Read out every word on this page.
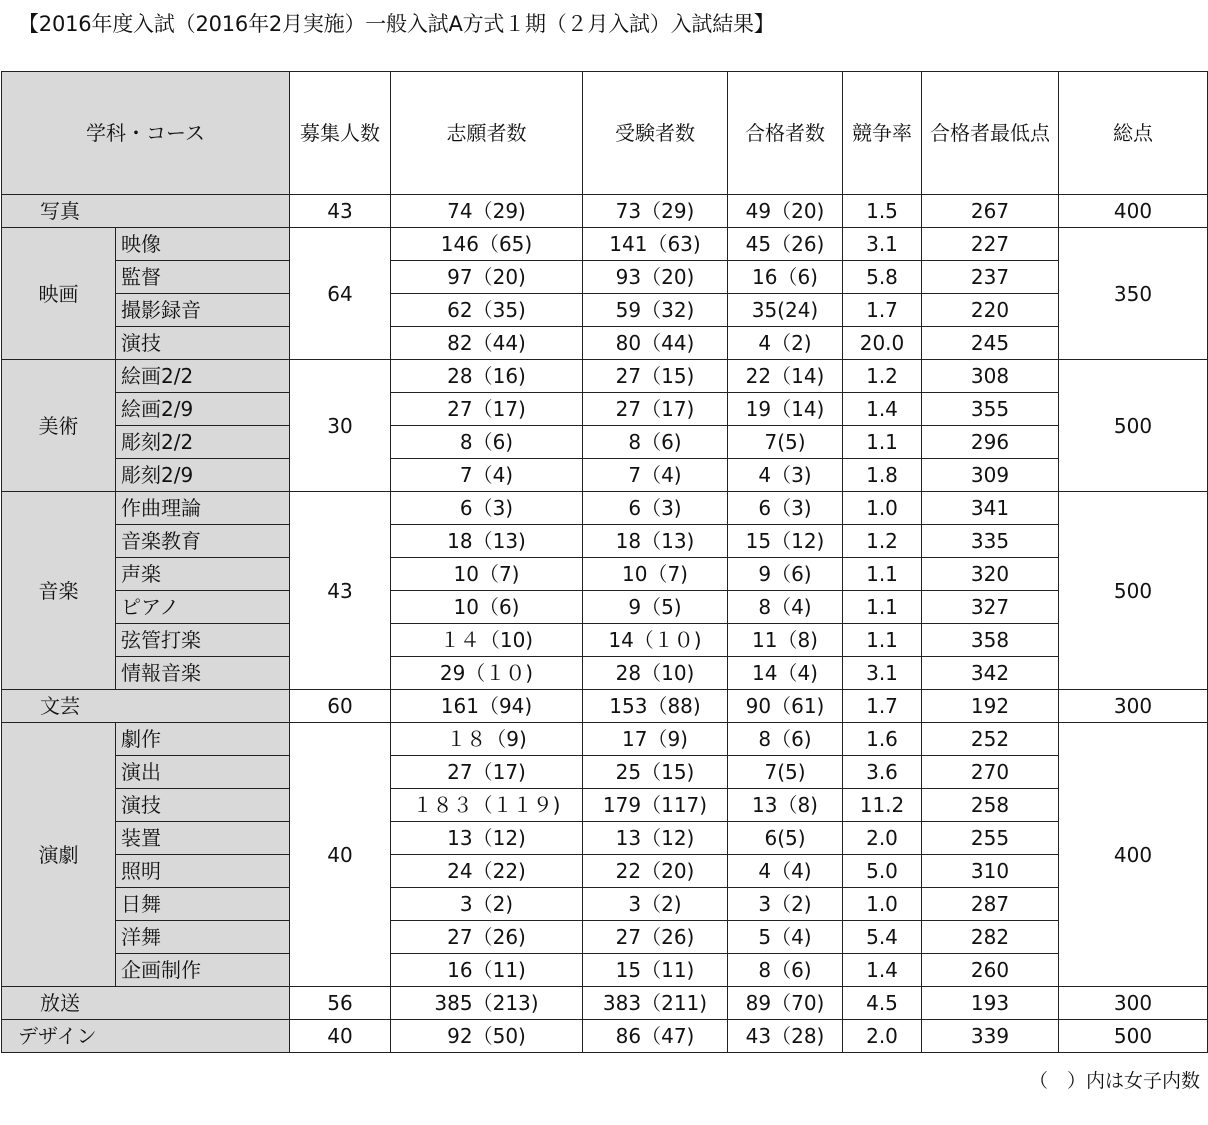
【2016年度入試（2016年2月実施）一般入試A方式１期（２月入試）入試結果】
学科・コース		募集人数	志願者数	受験者数	合格者数	競争率	合格者最低点	総点
写真		43	74（29)	73（29)	49（20)	1.5	267	400
映画	映像	64	146（65)	141（63)	45（26)	3.1	227	350
	監督		97（20)	93（20)	16（6)	5.8	237	
	撮影録音		62（35)	59（32)	35(24)	1.7	220	
	演技		82（44)	80（44)	4（2)	20.0	245	
美術	絵画2/2	30	28（16)	27（15)	22（14)	1.2	308	500
	絵画2/9		27（17)	27（17)	19（14)	1.4	355	
	彫刻2/2		8（6)	8（6)	7(5)	1.1	296	
	彫刻2/9		7（4)	7（4)	4（3)	1.8	309	
音楽	作曲理論	43	6（3)	6（3)	6（3)	1.0	341	500
	音楽教育		18（13)	18（13)	15（12)	1.2	335	
	声楽		10（7)	10（7)	9（6)	1.1	320	
	ピアノ		10（6)	9（5)	8（4)	1.1	327	
	弦管打楽		１４（10)	14（１０)	11（8)	1.1	358	
	情報音楽		29（１０)	28（10)	14（4)	3.1	342	
文芸		60	161（94)	153（88)	90（61)	1.7	192	300
演劇	劇作	40	１８（9)	17（9)	8（6)	1.6	252	400
	演出		27（17)	25（15)	7(5)	3.6	270	
	演技		１８３（１１９)	179（117)	13（8)	11.2	258	
	装置		13（12)	13（12)	6(5)	2.0	255	
	照明		24（22)	22（20)	4（4)	5.0	310	
	日舞		3（2)	3（2)	3（2)	1.0	287	
	洋舞		27（26)	27（26)	5（4)	5.4	282	
	企画制作		16（11)	15（11)	8（6)	1.4	260	
放送		56	385（213)	383（211)	89（70)	4.5	193	300
デザイン		40	92（50)	86（47)	43（28)	2.0	339	500
（　）内は女子内数
